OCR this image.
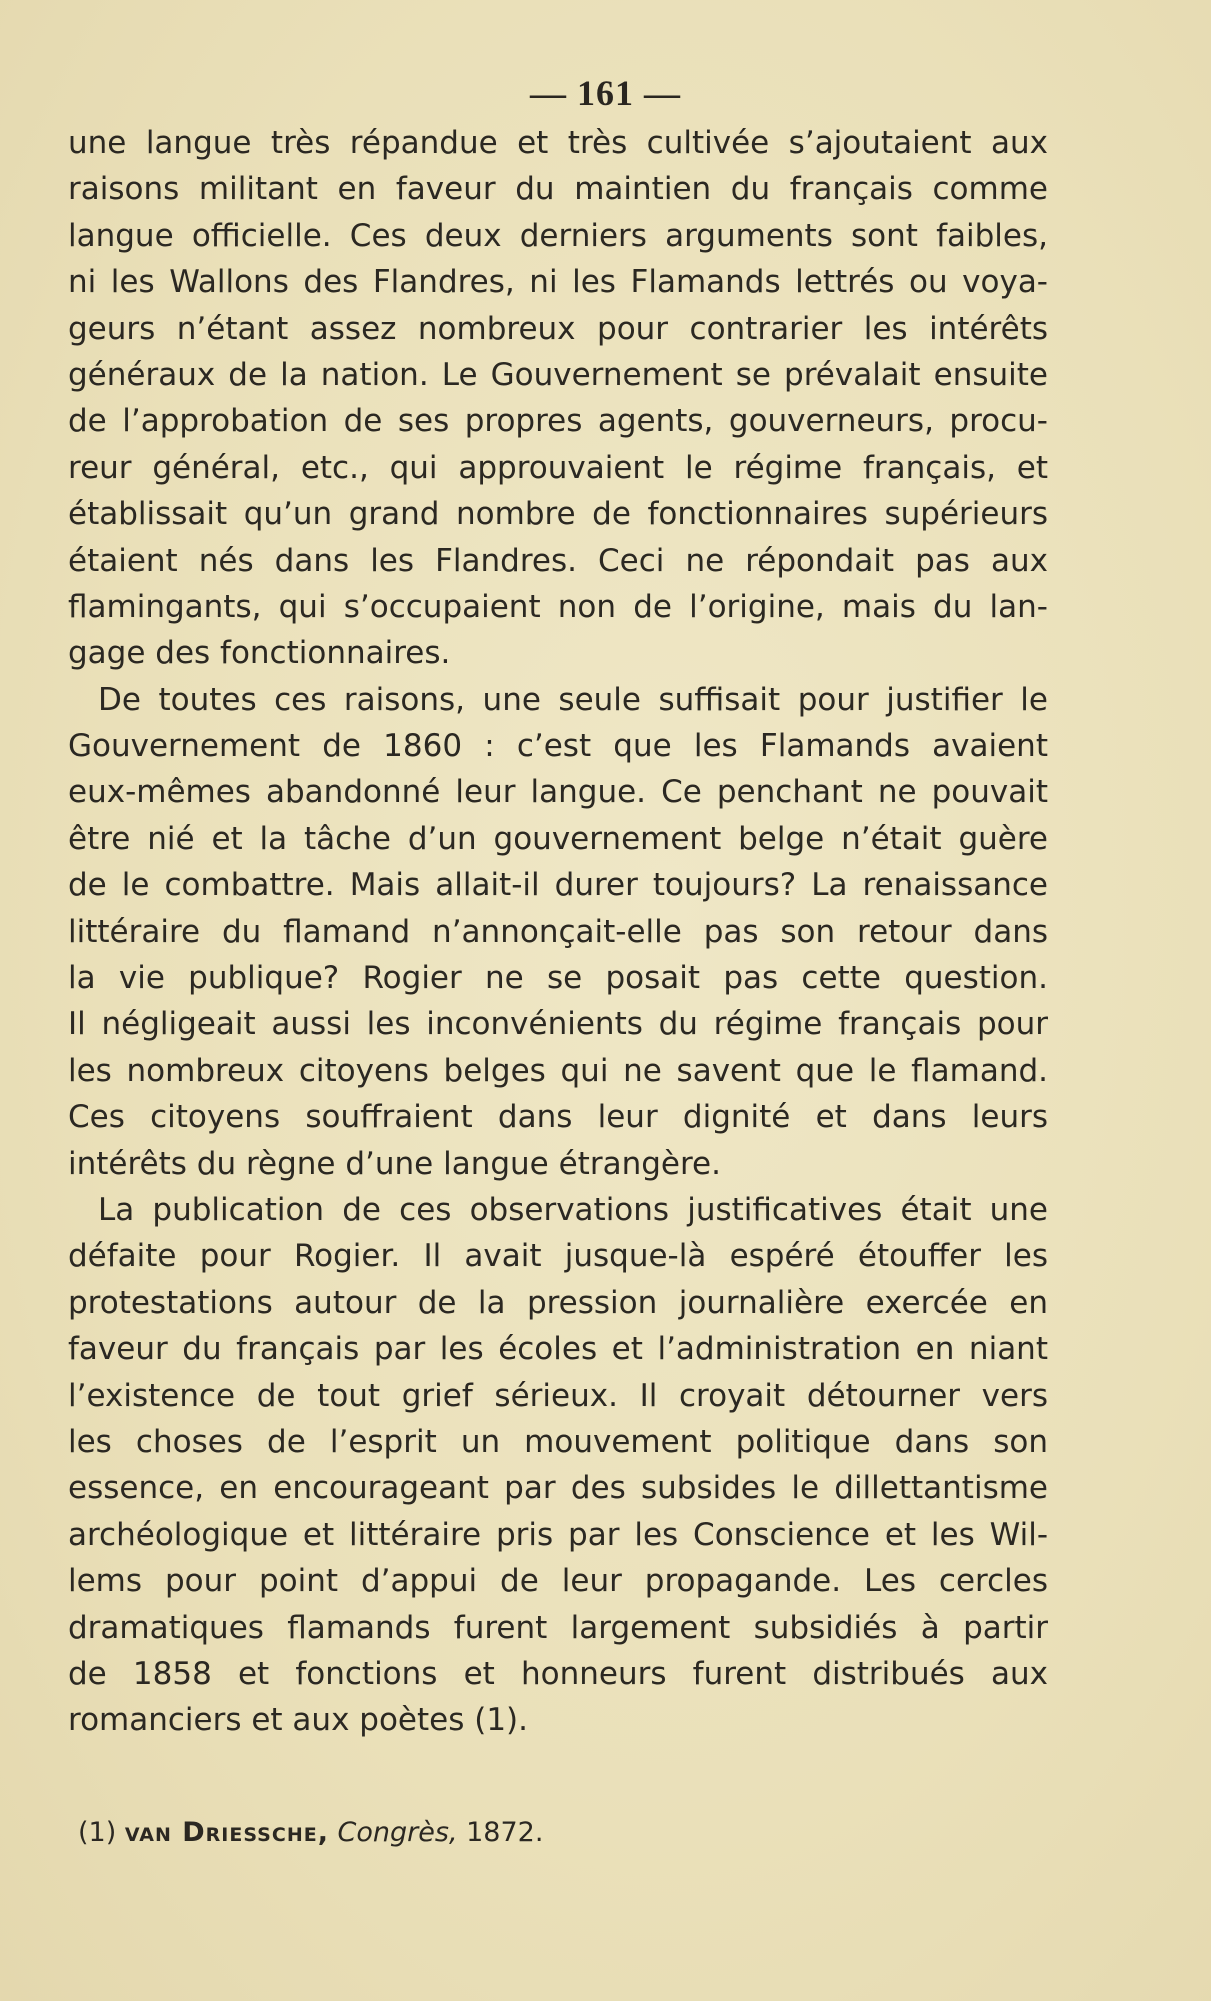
— 161 —
une langue très répandue et très cultivée s’ajoutaient aux
raisons militant en faveur du maintien du français comme
langue officielle. Ces deux derniers arguments sont faibles,
ni les Wallons des Flandres, ni les Flamands lettrés ou voya-
geurs n’étant assez nombreux pour contrarier les intérêts
généraux de la nation. Le Gouvernement se prévalait ensuite
de l’approbation de ses propres agents, gouverneurs, procu-
reur général, etc., qui approuvaient le régime français, et
établissait qu’un grand nombre de fonctionnaires supérieurs
étaient nés dans les Flandres. Ceci ne répondait pas aux
flamingants, qui s’occupaient non de l’origine, mais du lan-
gage des fonctionnaires.
De toutes ces raisons, une seule suffisait pour justifier le
Gouvernement de 1860 : c’est que les Flamands avaient
eux-mêmes abandonné leur langue. Ce penchant ne pouvait
être nié et la tâche d’un gouvernement belge n’était guère
de le combattre. Mais allait-il durer toujours? La renaissance
littéraire du flamand n’annonçait-elle pas son retour dans
la vie publique? Rogier ne se posait pas cette question.
Il négligeait aussi les inconvénients du régime français pour
les nombreux citoyens belges qui ne savent que le flamand.
Ces citoyens souffraient dans leur dignité et dans leurs
intérêts du règne d’une langue étrangère.
La publication de ces observations justificatives était une
défaite pour Rogier. Il avait jusque-là espéré étouffer les
protestations autour de la pression journalière exercée en
faveur du français par les écoles et l’administration en niant
l’existence de tout grief sérieux. Il croyait détourner vers
les choses de l’esprit un mouvement politique dans son
essence, en encourageant par des subsides le dillettantisme
archéologique et littéraire pris par les Conscience et les Wil-
lems pour point d’appui de leur propagande. Les cercles
dramatiques flamands furent largement subsidiés à partir
de 1858 et fonctions et honneurs furent distribués aux
romanciers et aux poètes (1).
(1) van Driessche, Congrès, 1872.
